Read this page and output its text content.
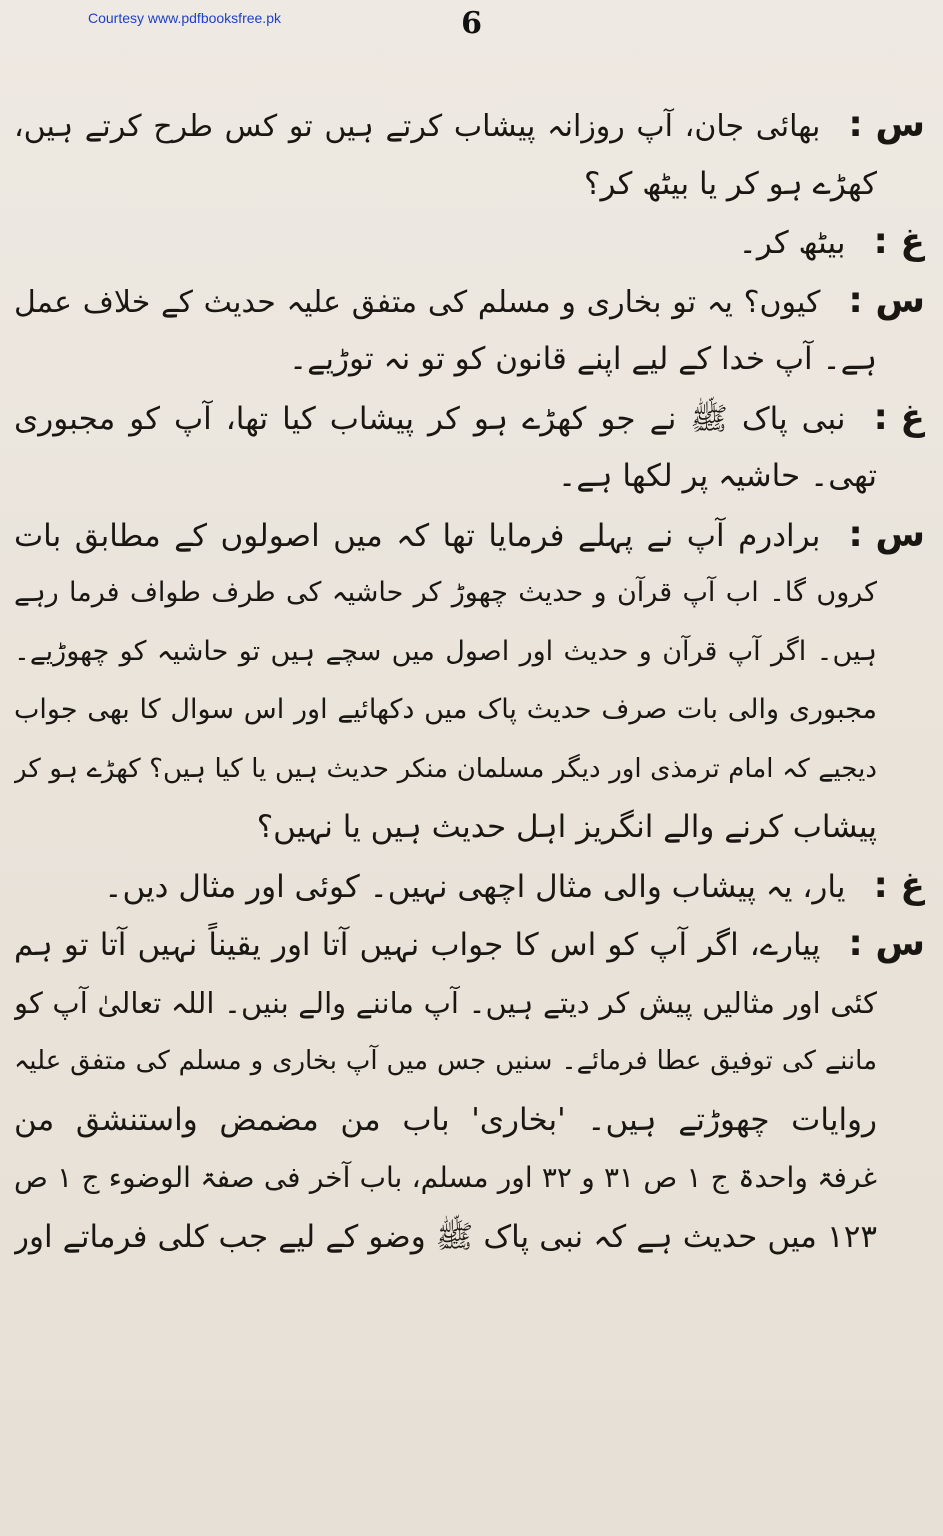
Courtesy www.pdfbooksfree.pk	6
س :بھائی جان، آپ روزانہ پیشاب کرتے ہیں تو کس طرح کرتے ہیں،
کھڑے ہو کر یا بیٹھ کر؟
غ :بیٹھ کر۔
س :کیوں؟ یہ تو بخاری و مسلم کی متفق علیہ حدیث کے خلاف عمل
ہے۔ آپ خدا کے لیے اپنے قانون کو تو نہ توڑیے۔
غ :نبی پاک ﷺ نے جو کھڑے ہو کر پیشاب کیا تھا، آپ کو مجبوری
تھی۔ حاشیہ پر لکھا ہے۔
س :برادرم آپ نے پہلے فرمایا تھا کہ میں اصولوں کے مطابق بات
کروں گا۔ اب آپ قرآن و حدیث چھوڑ کر حاشیہ کی طرف طواف فرما رہے
ہیں۔ اگر آپ قرآن و حدیث اور اصول میں سچے ہیں تو حاشیہ کو چھوڑیے۔
مجبوری والی بات صرف حدیث پاک میں دکھائیے اور اس سوال کا بھی جواب
دیجیے کہ امام ترمذی اور دیگر مسلمان منکر حدیث ہیں یا کیا ہیں؟ کھڑے ہو کر
پیشاب کرنے والے انگریز اہل حدیث ہیں یا نہیں؟
غ :یار، یہ پیشاب والی مثال اچھی نہیں۔ کوئی اور مثال دیں۔
س :پیارے، اگر آپ کو اس کا جواب نہیں آتا اور یقیناً نہیں آتا تو ہم
کئی اور مثالیں پیش کر دیتے ہیں۔ آپ ماننے والے بنیں۔ اللہ تعالیٰ آپ کو
ماننے کی توفیق عطا فرمائے۔ سنیں جس میں آپ بخاری و مسلم کی متفق علیہ
روایات چھوڑتے ہیں۔ 'بخاری' باب من مضمض واستنشق من
غرفۃ واحدۃ ج ۱ ص ۳۱ و ۳۲ اور مسلم، باب آخر فی صفۃ الوضوء ج ۱ ص
۱۲۳ میں حدیث ہے کہ نبی پاک ﷺ وضو کے لیے جب کلی فرماتے اور
